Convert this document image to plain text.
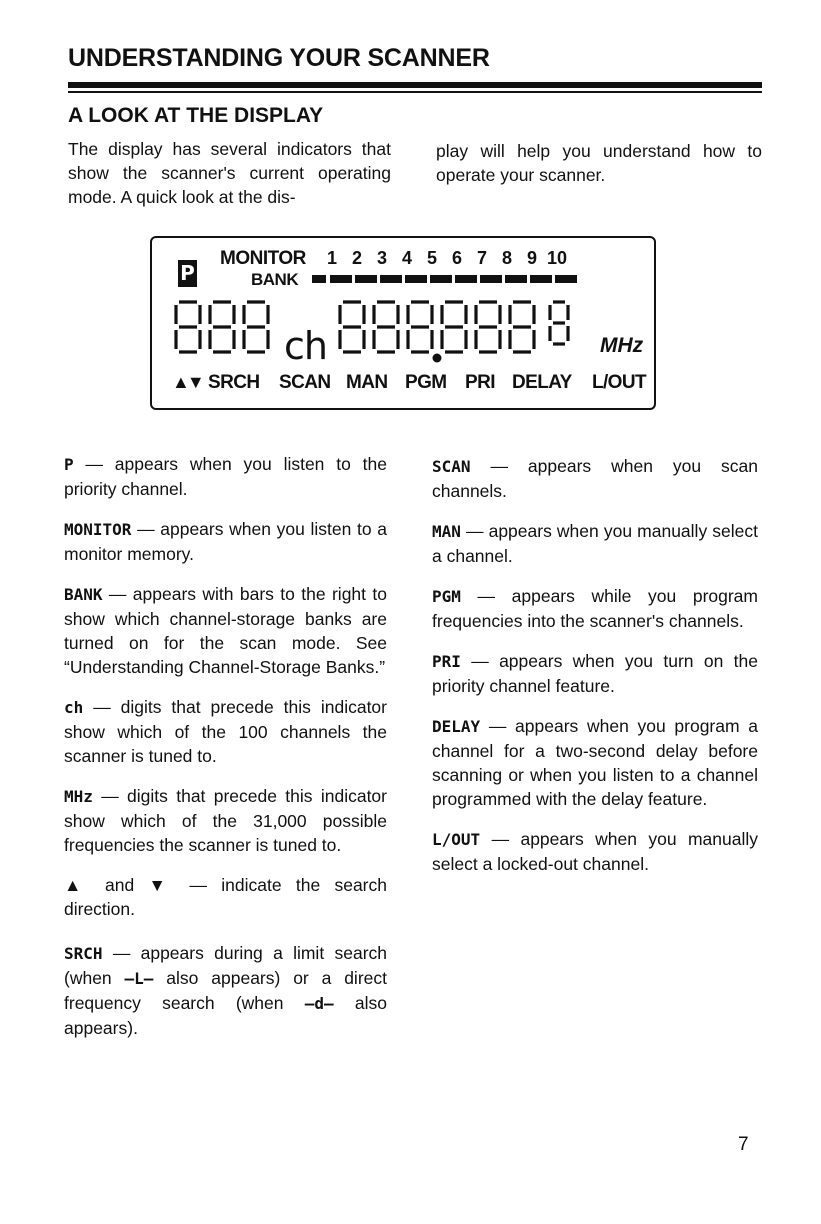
UNDERSTANDING YOUR SCANNER
A LOOK AT THE DISPLAY
The display has several indicators that show the scanner's current operating mode. A quick look at the dis-
play will help you understand how to operate your scanner.
P
MONITOR
BANK
1 2 3 4 5 6 7 8 9 10
ch	MHz
▲▼ SRCH SCAN MAN PGM PRI DELAY L/OUT

P — appears when you listen to the priority channel.

MONITOR — appears when you listen to a monitor memory.

BANK — appears with bars to the right to show which channel-storage banks are turned on for the scan mode. See “Understanding Channel-Storage Banks.”

ch — digits that precede this indicator show which of the 100 channels the scanner is tuned to.

MHz — digits that precede this indicator show which of the 31,000 possible frequencies the scanner is tuned to.

▲ and ▼ — indicate the search direction.

SRCH — appears during a limit search (when –L– also appears) or a direct frequency search (when –d– also appears).

SCAN — appears when you scan channels.

MAN — appears when you manually select a channel.

PGM — appears while you program frequencies into the scanner's channels.

PRI — appears when you turn on the priority channel feature.

DELAY — appears when you program a channel for a two-second delay before scanning or when you listen to a channel programmed with the delay feature.

L/OUT — appears when you manually select a locked-out channel.

7
